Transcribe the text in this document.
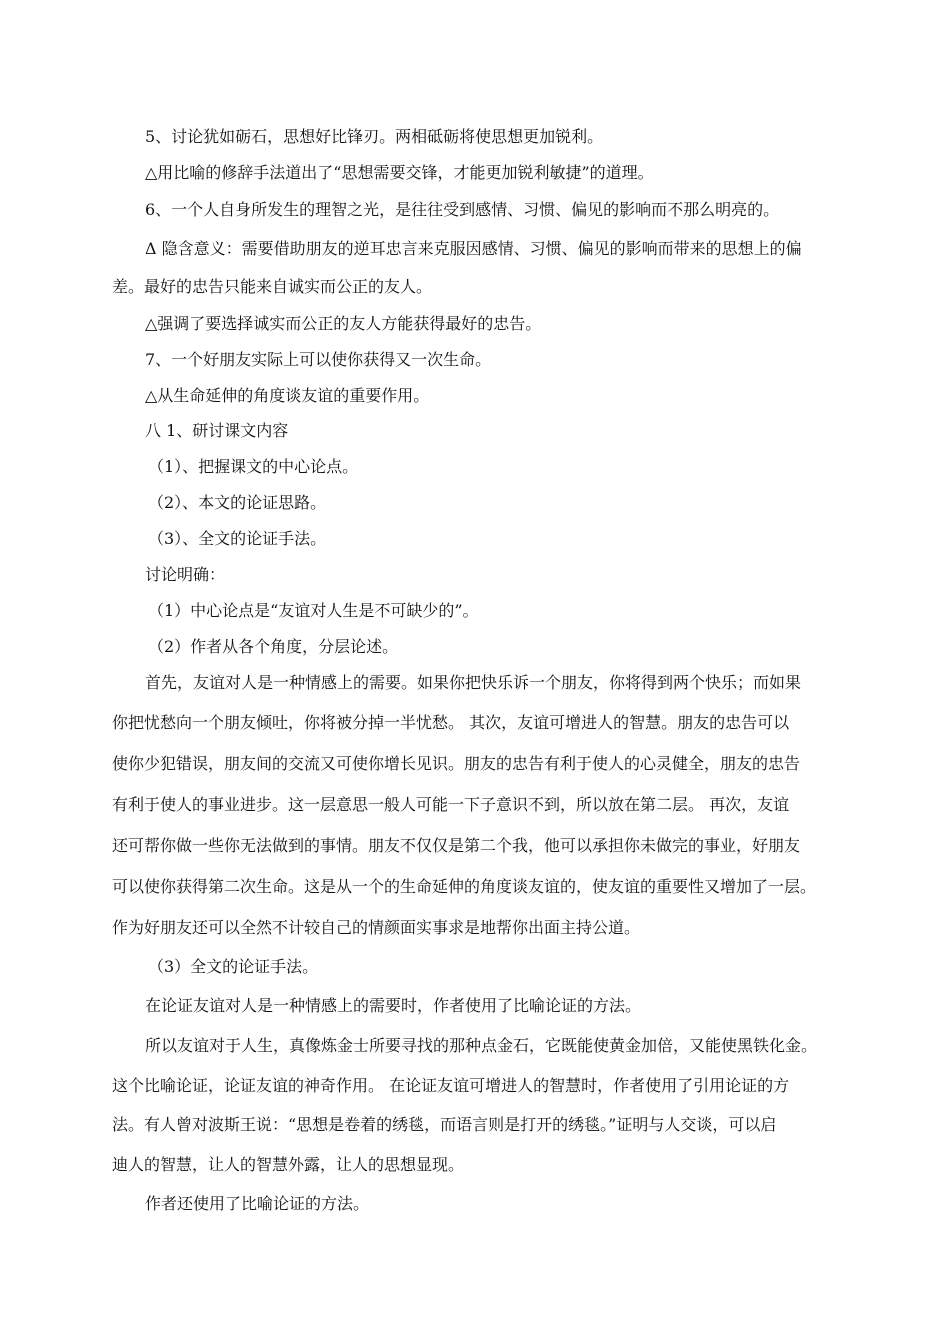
5、讨论犹如砺石，思想好比锋刃。两相砥砺将使思想更加锐利。
△用比喻的修辞手法道出了“思想需要交锋，才能更加锐利敏捷”的道理。
6、一个人自身所发生的理智之光，是往往受到感情、习惯、偏见的影响而不那么明亮的。
Δ 隐含意义：需要借助朋友的逆耳忠言来克服因感情、习惯、偏见的影响而带来的思想上的偏
差。最好的忠告只能来自诚实而公正的友人。
△强调了要选择诚实而公正的友人方能获得最好的忠告。
7、一个好朋友实际上可以使你获得又一次生命。
△从生命延伸的角度谈友谊的重要作用。
八 1、研讨课文内容
（1）、把握课文的中心论点。
（2）、本文的论证思路。
（3）、全文的论证手法。
讨论明确：
（1）中心论点是“友谊对人生是不可缺少的”。
（2）作者从各个角度，分层论述。
首先，友谊对人是一种情感上的需要。如果你把快乐诉一个朋友，你将得到两个快乐；而如果
你把忧愁向一个朋友倾吐，你将被分掉一半忧愁。 其次，友谊可增进人的智慧。朋友的忠告可以
使你少犯错误，朋友间的交流又可使你增长见识。朋友的忠告有利于使人的心灵健全，朋友的忠告
有利于使人的事业进步。这一层意思一般人可能一下子意识不到，所以放在第二层。 再次，友谊
还可帮你做一些你无法做到的事情。朋友不仅仅是第二个我，他可以承担你未做完的事业，好朋友
可以使你获得第二次生命。这是从一个的生命延伸的角度谈友谊的，使友谊的重要性又增加了一层。
作为好朋友还可以全然不计较自己的情颜面实事求是地帮你出面主持公道。
（3）全文的论证手法。
在论证友谊对人是一种情感上的需要时，作者使用了比喻论证的方法。
所以友谊对于人生，真像炼金士所要寻找的那种点金石，它既能使黄金加倍，又能使黑铁化金。
这个比喻论证，论证友谊的神奇作用。 在论证友谊可增进人的智慧时，作者使用了引用论证的方
法。有人曾对波斯王说：“思想是卷着的绣毯，而语言则是打开的绣毯。”证明与人交谈，可以启
迪人的智慧，让人的智慧外露，让人的思想显现。
作者还使用了比喻论证的方法。
